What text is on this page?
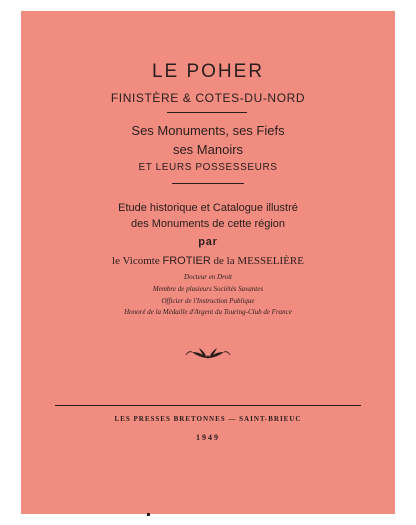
LE POHER
FINISTÈRE & COTES-DU-NORD
Ses Monuments, ses Fiefs
ses Manoirs
ET LEURS POSSESSEURS
Etude historique et Catalogue illustré
des Monuments de cette région
par
le Vicomte FROTIER de la MESSELIÈRE
Docteur en Droit
Membre de plusieurs Sociétés Savantes
Officier de l'Instruction Publique
Honoré de la Médaille d'Argent du Touring-Club de France
LES PRESSES BRETONNES — SAINT-BRIEUC
1949
